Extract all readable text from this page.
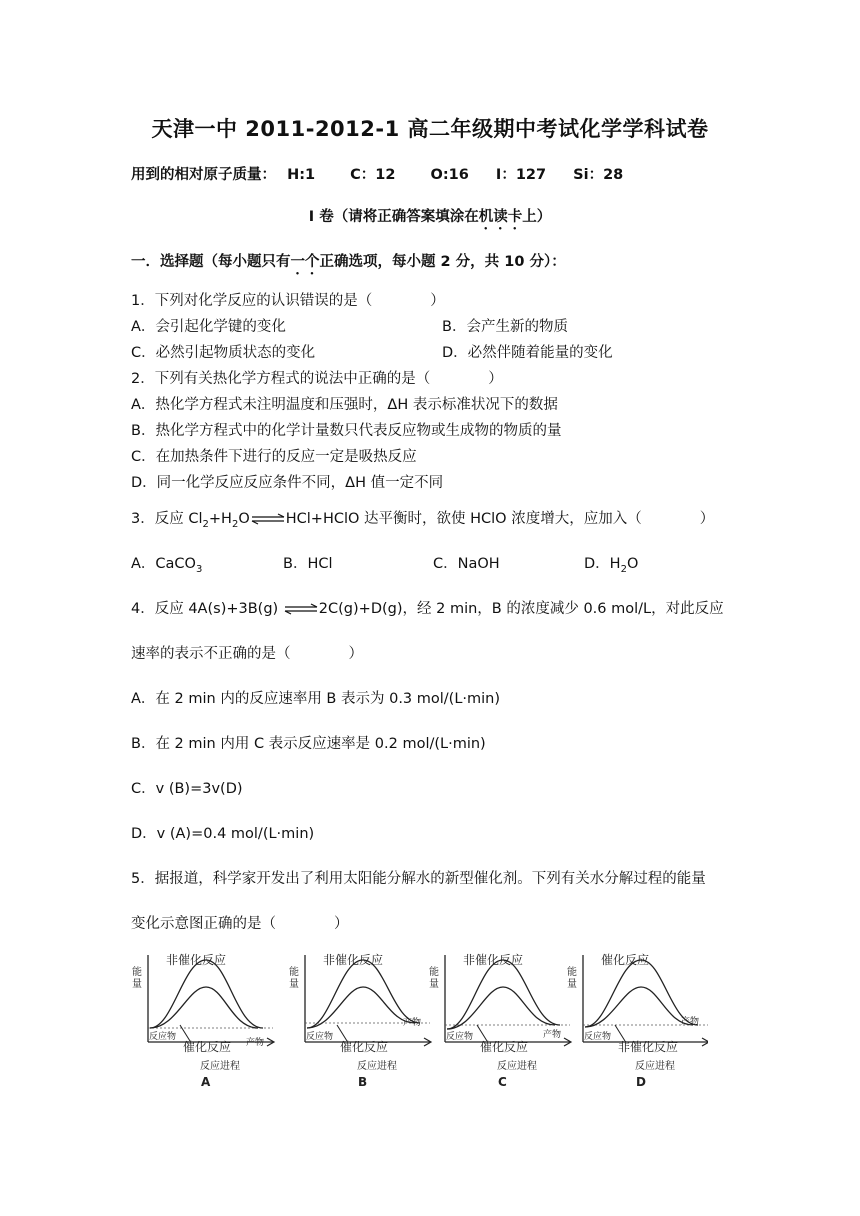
天津一中 2011-2012-1 高二年级期中考试化学学科试卷
用到的相对原子质量： H:1 C：12 O:16 I：127 Si：28
I 卷（请将正确答案填涂在机读卡上）
一．选择题（每小题只有一个正确选项，每小题 2 分，共 10 分）：
1．下列对化学反应的认识错误的是（　　　　）
A．会引起化学键的变化	B．会产生新的物质
C．必然引起物质状态的变化	D．必然伴随着能量的变化
2．下列有关热化学方程式的说法中正确的是（　　　　）
A．热化学方程式未注明温度和压强时，ΔH 表示标准状况下的数据
B．热化学方程式中的化学计量数只代表反应物或生成物的物质的量
C．在加热条件下进行的反应一定是吸热反应
D．同一化学反应反应条件不同，ΔH 值一定不同
3．反应 $Cl_2+H_2O\rightleftharpoons HCl+HClO$ 达平衡时，欲使 HClO 浓度增大，应加入（　　　　）
A．CaCO$_3$	B．HCl	C．NaOH	D．$H_2O$
4．反应 4A(s)+3B(g) ⇌2C(g)+D(g)，经 2 min，B 的浓度减少 0.6 mol/L，对此反应
速率的表示不正确的是（　　　　）
A．在 2 min 内的反应速率用 B 表示为 0.3 mol/(L·min)
B．在 2 min 内用 C 表示反应速率是 0.2 mol/(L·min)
C．v (B)=3v(D)
D．v (A)=0.4 mol/(L·min)
5．据报道，科学家开发出了利用太阳能分解水的新型催化剂。下列有关水分解过程的能量
变化示意图正确的是（　　　　）
能
量
非催化反应
催化反应
反应物
产物
反应进程
A
能
量
非催化反应
催化反应
反应物
产物
反应进程
B
能
量
非催化反应
催化反应
反应物	产物
反应进程
C
能
量
催化反应
非催化反应
反应物
产物
反应进程
D
